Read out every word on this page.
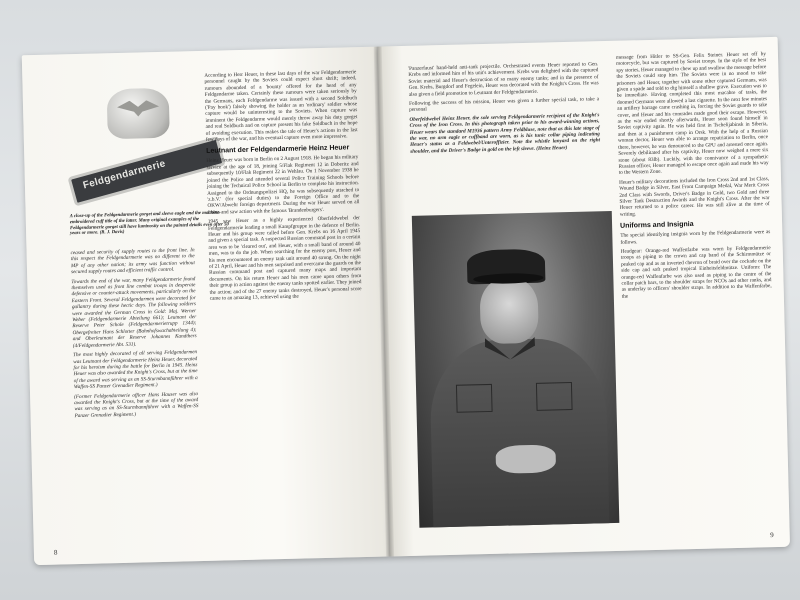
Feldgendarmerie
A close-up of the Feldgendarmerie gorget and sleeve eagle and the machine-embroidered cuff title of the latter. Many original examples of the Feldgendarmerie gorget still have luminosity on the painted details even after 50 years or more. (R. J. Davis)

ceased and security of supply routes to the front line. In this respect the Feldgendarmerie was no different to the MP of any other nation; its army was function without secured supply routes and efficient traffic control.

Towards the end of the war, many Feldgendarmerie found themselves used as front line combat troops in desperate defensive or counter-attack movements, particularly on the Eastern Front. Several Feldgendarmen were decorated for gallantry during these hectic days. The following soldiers were awarded the German Cross in Gold: Maj. Werner Weber (Feldgendarmerie Abteilung 661); Leutnant der Reserve Peter Schole (Feldgendarmerietrupp 1344); Obergefreiter Hans Schlotter (Bahnhofswachabteilung 4); and Oberleutnant der Reserve Johannes Kandthers (4/Feldgendarmerie Abt. 531).

The most highly decorated of all serving Feldgendarmen was Leutnant der Feldgendarmerie Heinz Heuer, decorated for his heroism during the battle for Berlin in 1945. Heinz Heuer was also awarded the Knight's Cross, but at the time of the award was serving as an SS-Sturmbannführer with a Waffen-SS Panzer Grenadier Regiment.)

(Former Feldgendarmerie officer Hans Hauser was also awarded the Knight's Cross, but at the time of the award was serving as an SS-Sturmbannführer with a Waffen-SS Panzer Grenadier Regiment.)

According to Herr Heuer, in these last days of the war Feldgendarmerie personnel caught by the Soviets could expect short shrift; indeed, rumours abounded of a 'bounty' offered for the head of any Feldgendarme taken. Certainly these rumours were taken seriously by the Germans, each Feldgendarme was issued with a second Soldbuch ('Pay book') falsely showing the holder as an 'ordinary' soldier whose capture would be uninteresting to the Soviets. When capture was imminent the Feldgendarme would merely throw away his duty gorget and real Soldbuch and on capture present his fake Soldbuch in the hope of avoiding execution. This makes the tale of Heuer's actions in the last few days of the war, and his eventual capture even more impressive.

Leutnant der Feldgendarmerie Heinz Heuer

Heinz Heuer was born in Berlin on 2 August 1918. He began his military service at the age of 18, joining 5/Flak Regiment 12 in Doberitz and subsequently 10/Flak Regiment 22 in Wehlau. On 1 November 1938 he joined the Police and attended several Police Training Schools before joining the Technical Police School in Berlin to complete his instruction. Assigned to the Ordnungspolizei HQ, he was subsequently attached to 'z.b.V.' (for special duties) to the Foreign Office and to the OKW/Abwehr foreign department. During the war Heuer served on all fronts and saw action with the famous 'Brandenburgers'.

1945 saw Heuer as a highly experienced Oberfeldwebel der Feldgendarmerie leading a small Kampfgruppe in the defence of Berlin. Heuer and his group were called before Gen. Krebs on 16 April 1945 and given a special task. A suspected Russian command post in a certain area was to be 'cleared out', and Heuer, with a small band of around 40 men, was to do the job. When searching for the enemy post, Heuer and his men encountered an enemy tank unit around 40 strong. On the night of 21 April, Heuer and his men surprised and overcame the guards on the Russian command post and captured many maps and important documents. On his return Heuer and his men came upon others from their group in action against the enemy tanks spotted earlier. They joined the action; and of the 27 enemy tanks destroyed, Heuer's personal score came to an amazing 13, achieved using the

8

'Panzerfaust' hand-held anti-tank projectile. Orchestrated events Heuer reported to Gen. Krebs and informed him of his unit's achievement. Krebs was delighted with the captured Soviet material and Heuer's destruction of so many enemy tanks; and in the presence of Gen. Krebs, Burgdorf and Fegelein, Heuer was decorated with the Knight's Cross. He was also given a field promotion to Leutnant der Feldgendarmerie.

Following the success of his mission, Heuer was given a further special task, to take a personal

Oberfeldwebel Heinz Heuer, the sole serving Feldgendarmerie recipient of the Knight's Cross of the Iron Cross. In this photograph taken prior to his award-winning actions, Heuer wears the standard M1936 pattern Army Feldbluse, note that as this late stage of the war, no arm eagle or cuffband are worn, as is his tunic collar piping indicating Heuer's status as a Feldwebel/Unteroffizier. Note the whistle lanyard on the right shoulder, and the Driver's Badge in gold on the left sleeve. (Heinz Heuer)

message from Hitler to SS-Gen. Felix Steiner. Heuer set off by motorcycle, but was captured by Soviet troops. In the style of the best spy stories, Heuer managed to chew up and swallow the message before the Soviets could stop him. The Soviets were in no mood to take prisoners and Heuer, together with some other captured Germans, was given a spade and told to dig himself a shallow grave. Execution was to be immediate. Having completed this most macabre of tasks, the doomed Germans were allowed a last cigarette. In the next few minutes an artillery barrage came crashing in, forcing the Soviet guards to take cover, and Heuer and his comrades made good their escape. However, as the war ended shortly afterwards, Heuer soon found himself in Soviet captivity again. He was held first in Tschelijabinsk in Siberia, and then at a punishment camp in Orsk. With the help of a Russian woman doctor, Heuer was able to arrange repatriation to Berlin, once there, however, he was denounced to the GPU and arrested once again. Severely debilitated after his captivity, Heuer now weighed a mere six stone (about 83lb). Luckily, with the connivance of a sympathetic Russian officer, Heuer managed to escape once again and made his way to the Western Zone.

Heuer's military decorations included the Iron Cross 2nd and 1st Class, Wound Badge in Silver, East Front Campaign Medal, War Merit Cross 2nd Class with Swords, Driver's Badge in Gold, two Gold and three Silver Tank Destruction Awards and the Knight's Cross. After the war Heuer returned to a police career. He was still alive at the time of writing.

Uniforms and Insignia

The special identifying insignia worn by the Feldgendarmerie were as follows.

Headgear: Orange-red Waffenfarbe was worn by Feldgendarmerie troops as piping to the crown and cap band of the Schirmmütze or peaked cap and as an inverted chevron of braid over the cockade on the side cap and soft peaked tropical Einheitsfeldmütze. Uniform: The orange-red Waffenfarbe was also used as piping to the centre of the collar patch bars, to the shoulder straps for NCOs and other ranks, and as underlay to officers' shoulder straps. In addition to the Waffenfarbe, the

9
